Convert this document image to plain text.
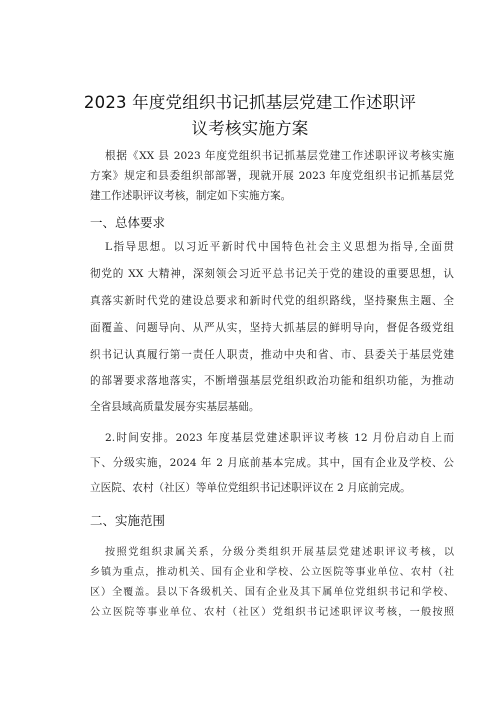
2023 年度党组织书记抓基层党建工作述职评
议考核实施方案
根据《XX 县 2023 年度党组织书记抓基层党建工作述职评议考核实施
方案》规定和县委组织部部署，现就开展 2023 年度党组织书记抓基层党
建工作述职评议考核，制定如下实施方案。
一、总体要求
L指导思想。以习近平新时代中国特色社会主义思想为指导,全面贯
彻党的 XX 大精神，深刻领会习近平总书记关于党的建设的重要思想，认
真落实新时代党的建设总要求和新时代党的组织路线，坚持聚焦主题、全
面覆盖、问题导向、从严从实，坚持大抓基层的鲜明导向，督促各级党组
织书记认真履行第一责任人职责，推动中央和省、市、县委关于基层党建
的部署要求落地落实，不断增强基层党组织政治功能和组织功能，为推动
全省县域高质量发展夯实基层基础。
2.时间安排。2023 年度基层党建述职评议考核 12 月份启动自上而
下、分级实施，2024 年 2 月底前基本完成。其中，国有企业及学校、公
立医院、农村（社区）等单位党组织书记述职评议在 2 月底前完成。
二、实施范围
按照党组织隶属关系，分级分类组织开展基层党建述职评议考核，以
乡镇为重点，推动机关、国有企业和学校、公立医院等事业单位、农村（社
区）全覆盖。县以下各级机关、国有企业及其下属单位党组织书记和学校、
公立医院等事业单位、农村（社区）党组织书记述职评议考核，一般按照
